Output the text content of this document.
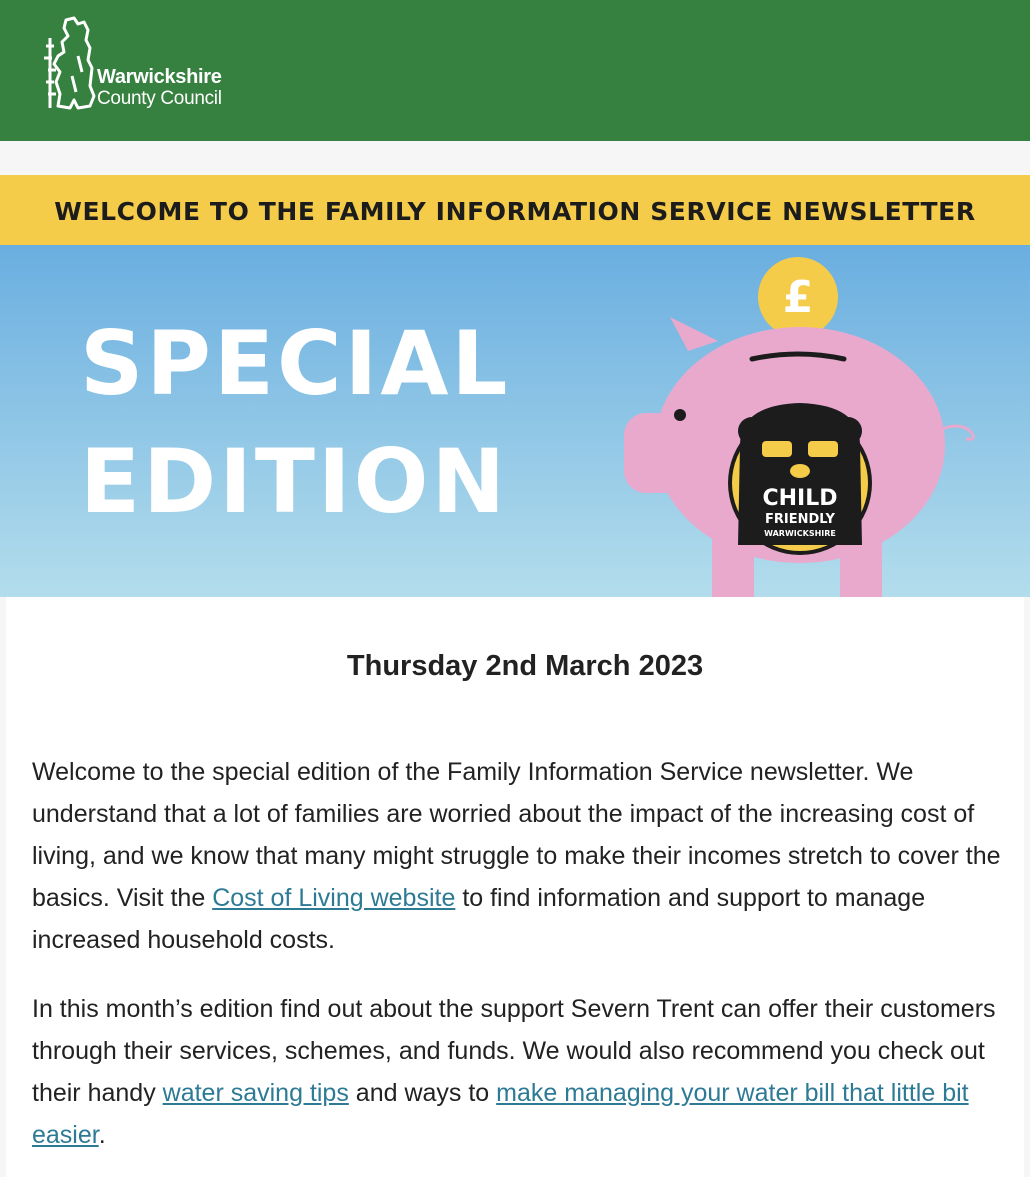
Warwickshire
County Council
WELCOME TO THE FAMILY INFORMATION SERVICE NEWSLETTER
SPECIAL
EDITION
£
CHILD
FRIENDLY
WARWICKSHIRE
Thursday 2nd March 2023

Welcome to the special edition of the Family Information Service newsletter. We understand that a lot of families are worried about the impact of the increasing cost of living, and we know that many might struggle to make their incomes stretch to cover the basics. Visit the Cost of Living website to find information and support to manage increased household costs.

In this month’s edition find out about the support Severn Trent can offer their customers through their services, schemes, and funds. We would also recommend you check out their handy water saving tips and ways to make managing your water bill that little bit easier.
